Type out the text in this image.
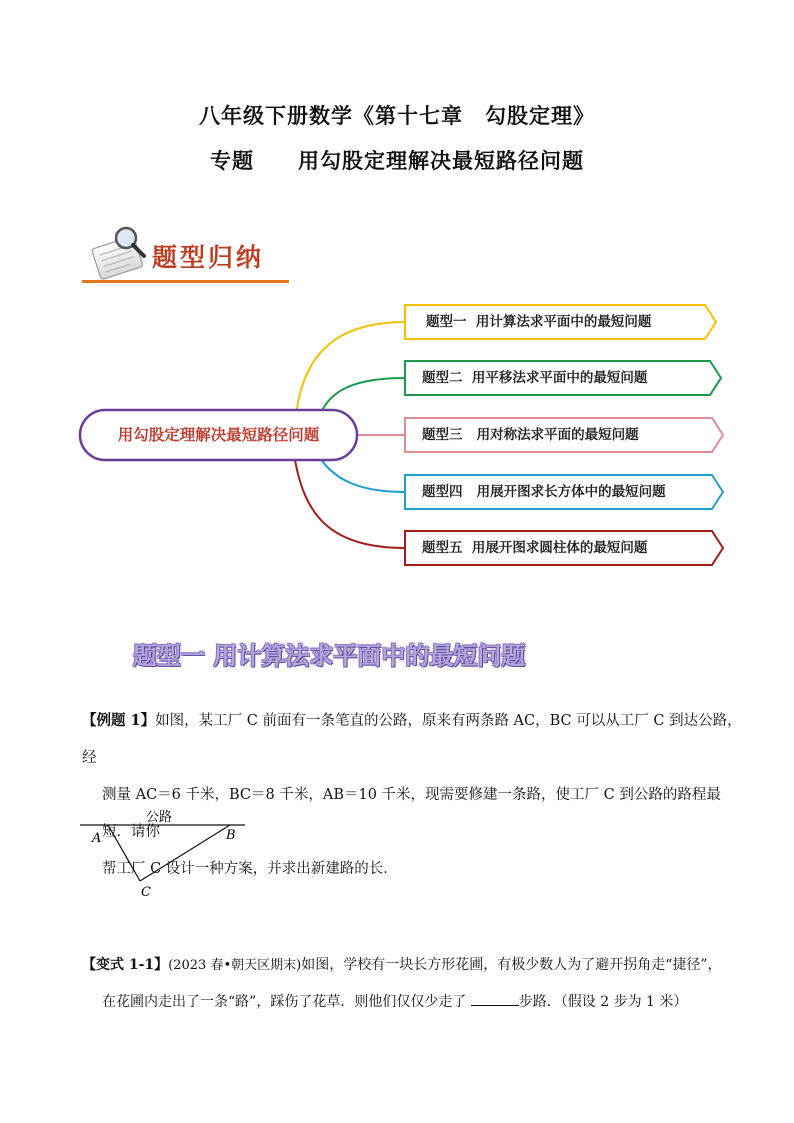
八年级下册数学《第十七章　勾股定理》
专题　　用勾股定理解决最短路径问题
题型归纳
用勾股定理解决最短路径问题
题型一  用计算法求平面中的最短问题
题型二  用平移法求平面中的最短问题
题型三   用对称法求平面的最短问题
题型四   用展开图求长方体中的最短问题
题型五  用展开图求圆柱体的最短问题
题型一 用计算法求平面中的最短问题
【例题 1】如图，某工厂 C 前面有一条笔直的公路，原来有两条路 AC，BC 可以从工厂 C 到达公路，经
测量 AC＝6 千米，BC＝8 千米，AB＝10 千米，现需要修建一条路，使工厂 C 到公路的路程最短．请你
帮工厂 C 设计一种方案，并求出新建路的长．
公路
A	B
C
【变式 1-1】(2023 春•朝天区期末)如图，学校有一块长方形花圃，有极少数人为了避开拐角走“捷径”，
在花圃内走出了一条“路”，踩伤了花草．则他们仅仅少走了	步路．（假设 2 步为 1 米）
